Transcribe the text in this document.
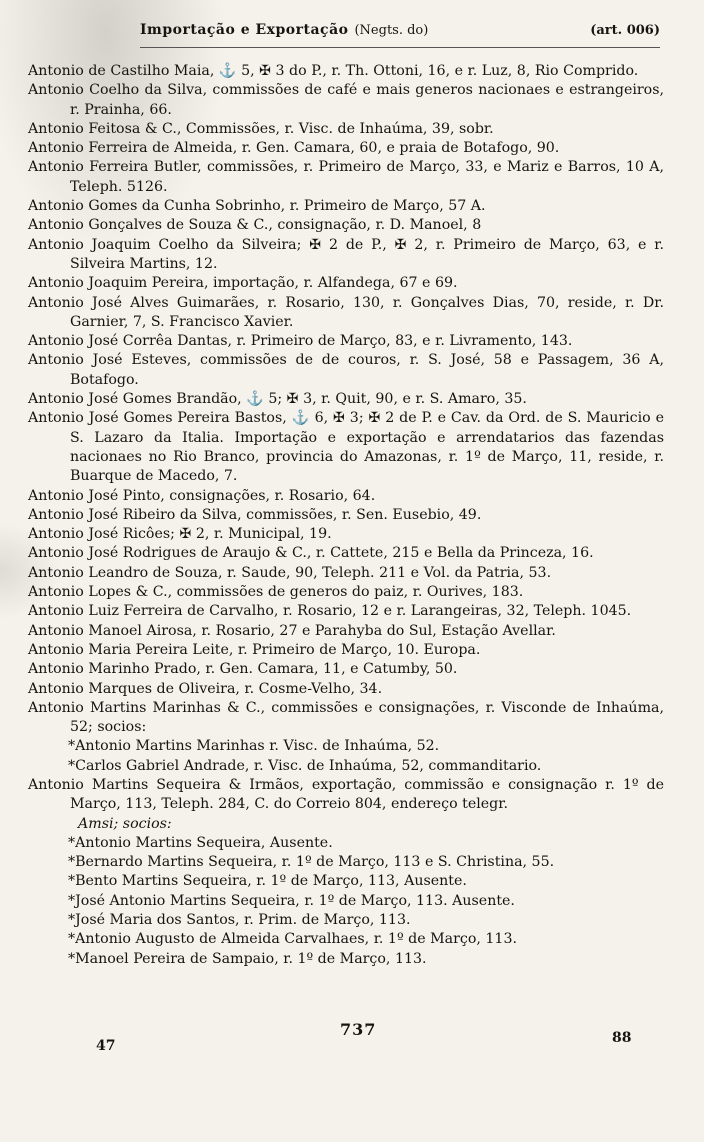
Importação e Exportação (Negts. do)	(art. 006)

Antonio de Castilho Maia, ⚓ 5, ✠ 3 do P., r. Th. Ottoni, 16, e r. Luz, 8, Rio Comprido.

Antonio Coelho da Silva, commissões de café e mais generos nacionaes e estrangeiros, r. Prainha, 66.

Antonio Feitosa & C., Commissões, r. Visc. de Inhaúma, 39, sobr.

Antonio Ferreira de Almeida, r. Gen. Camara, 60, e praia de Botafogo, 90.

Antonio Ferreira Butler, commissões, r. Primeiro de Março, 33, e Mariz e Barros, 10 A, Teleph. 5126.

Antonio Gomes da Cunha Sobrinho, r. Primeiro de Março, 57 A.

Antonio Gonçalves de Souza & C., consignação, r. D. Manoel, 8

Antonio Joaquim Coelho da Silveira; ✠ 2 de P., ✠ 2, r. Primeiro de Março, 63, e r. Silveira Martins, 12.

Antonio Joaquim Pereira, importação, r. Alfandega, 67 e 69.

Antonio José Alves Guimarães, r. Rosario, 130, r. Gonçalves Dias, 70, reside, r. Dr. Garnier, 7, S. Francisco Xavier.

Antonio José Corrêa Dantas, r. Primeiro de Março, 83, e r. Livramento, 143.

Antonio José Esteves, commissões de de couros, r. S. José, 58 e Passagem, 36 A, Botafogo.

Antonio José Gomes Brandão, ⚓ 5; ✠ 3, r. Quit, 90, e r. S. Amaro, 35.

Antonio José Gomes Pereira Bastos, ⚓ 6, ✠ 3; ✠ 2 de P. e Cav. da Ord. de S. Mauricio e S. Lazaro da Italia. Importação e exportação e arrendatarios das fazendas nacionaes no Rio Branco, provincia do Amazonas, r. 1º de Março, 11, reside, r. Buarque de Macedo, 7.

Antonio José Pinto, consignações, r. Rosario, 64.

Antonio José Ribeiro da Silva, commissões, r. Sen. Eusebio, 49.

Antonio José Ricôes; ✠ 2, r. Municipal, 19.

Antonio José Rodrigues de Araujo & C., r. Cattete, 215 e Bella da Princeza, 16.

Antonio Leandro de Souza, r. Saude, 90, Teleph. 211 e Vol. da Patria, 53.

Antonio Lopes & C., commissões de generos do paiz, r. Ourives, 183.

Antonio Luiz Ferreira de Carvalho, r. Rosario, 12 e r. Larangeiras, 32, Teleph. 1045.

Antonio Manoel Airosa, r. Rosario, 27 e Parahyba do Sul, Estação Avellar.

Antonio Maria Pereira Leite, r. Primeiro de Março, 10. Europa.

Antonio Marinho Prado, r. Gen. Camara, 11, e Catumby, 50.

Antonio Marques de Oliveira, r. Cosme-Velho, 34.

Antonio Martins Marinhas & C., commissões e consignações, r. Visconde de Inhaúma, 52; socios:

*Antonio Martins Marinhas r. Visc. de Inhaúma, 52.

*Carlos Gabriel Andrade, r. Visc. de Inhaúma, 52, commanditario.

Antonio Martins Sequeira & Irmãos, exportação, commissão e consignação r. 1º de Março, 113, Teleph. 284, C. do Correio 804, endereço telegr.

Amsi; socios:

*Antonio Martins Sequeira, Ausente.

*Bernardo Martins Sequeira, r. 1º de Março, 113 e S. Christina, 55.

*Bento Martins Sequeira, r. 1º de Março, 113, Ausente.

*José Antonio Martins Sequeira, r. 1º de Março, 113. Ausente.

*José Maria dos Santos, r. Prim. de Março, 113.

*Antonio Augusto de Almeida Carvalhaes, r. 1º de Março, 113.

*Manoel Pereira de Sampaio, r. 1º de Março, 113.

47
737	88
